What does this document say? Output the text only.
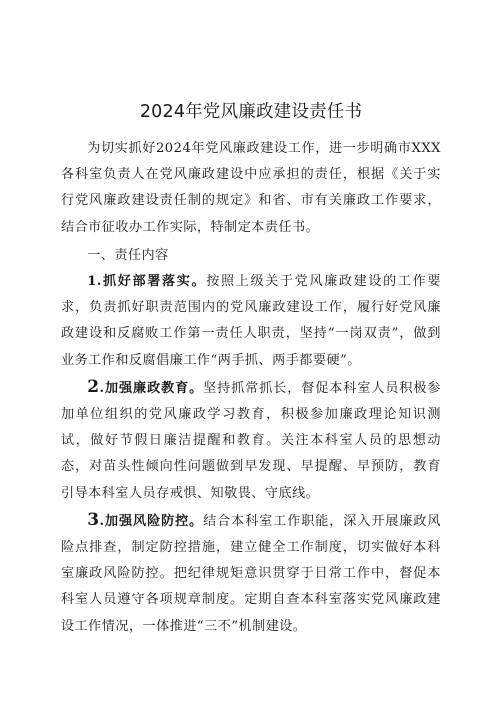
2024年党风廉政建设责任书

为切实抓好2024年党风廉政建设工作，进一步明确市XXX各科室负责人在党风廉政建设中应承担的责任，根据《关于实行党风廉政建设责任制的规定》和省、市有关廉政工作要求，结合市征收办工作实际，特制定本责任书。

一、责任内容

1.抓好部署落实。按照上级关于党风廉政建设的工作要求，负责抓好职责范围内的党风廉政建设工作，履行好党风廉政建设和反腐败工作第一责任人职责，坚持“一岗双责”，做到业务工作和反腐倡廉工作“两手抓、两手都要硬”。

2.加强廉政教育。坚持抓常抓长，督促本科室人员积极参加单位组织的党风廉政学习教育，积极参加廉政理论知识测试，做好节假日廉洁提醒和教育。关注本科室人员的思想动态，对苗头性倾向性问题做到早发现、早提醒、早预防，教育引导本科室人员存戒惧、知敬畏、守底线。

3.加强风险防控。结合本科室工作职能，深入开展廉政风险点排查，制定防控措施，建立健全工作制度，切实做好本科室廉政风险防控。把纪律规矩意识贯穿于日常工作中，督促本科室人员遵守各项规章制度。定期自查本科室落实党风廉政建设工作情况，一体推进“三不”机制建设。
